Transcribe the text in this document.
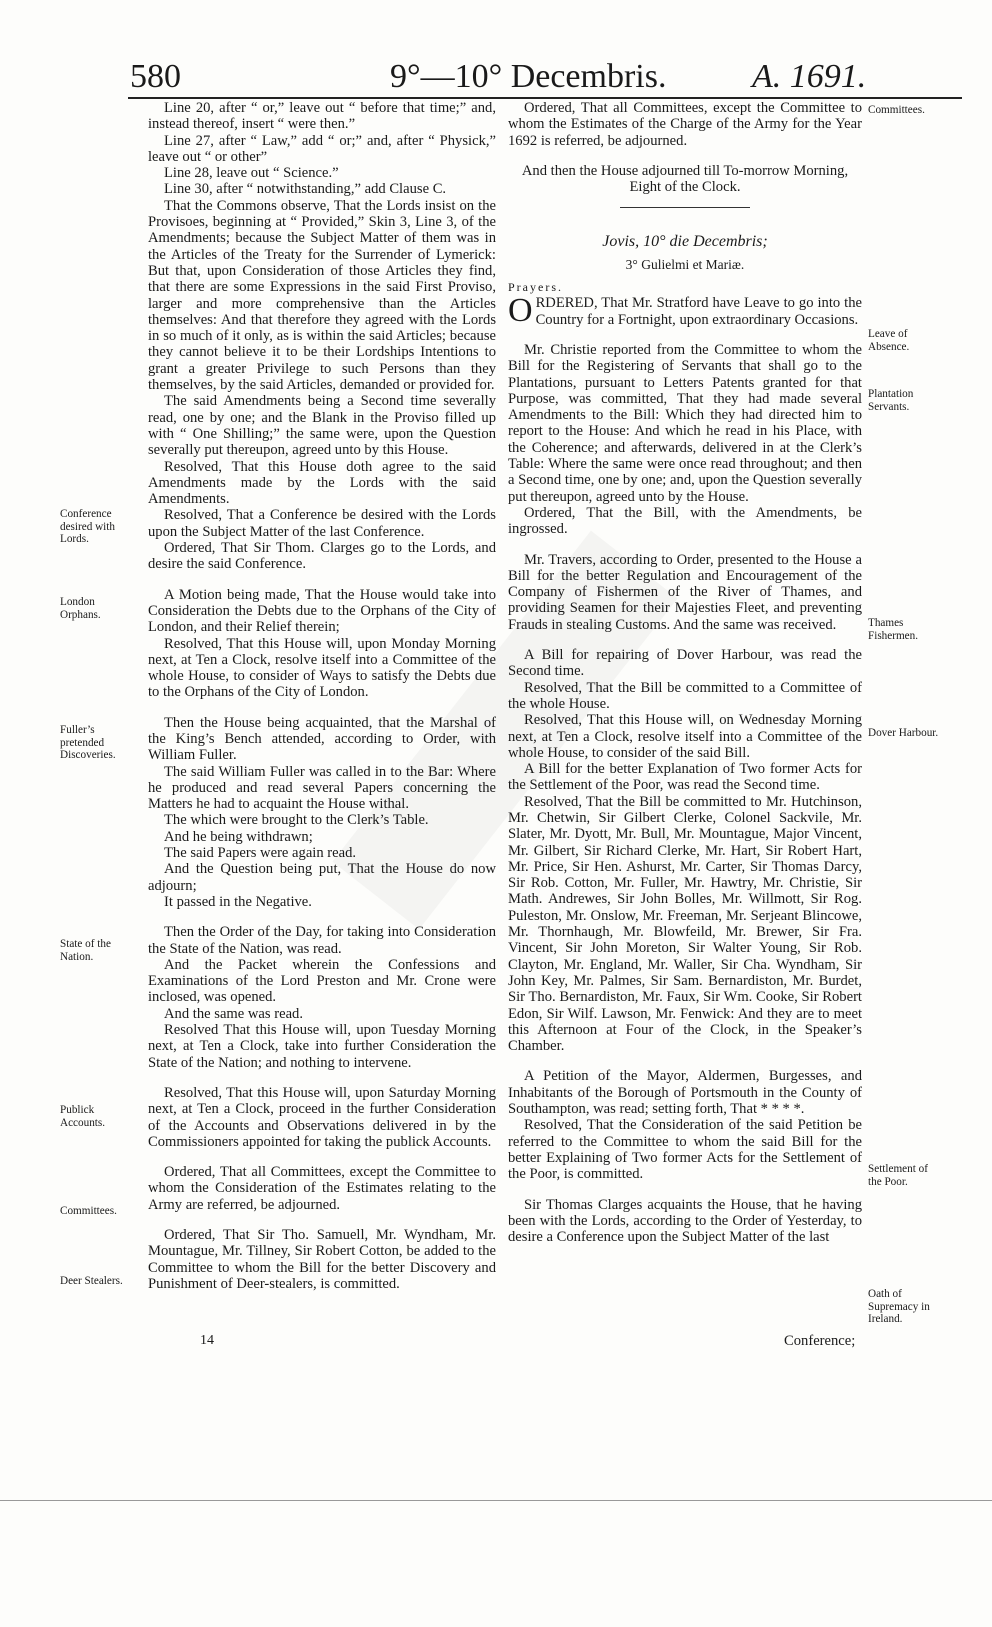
580	9°—10° Decembris.	A. 1691.

Line 20, after “ or,” leave out “ before that time;” and, instead thereof, insert “ were then.”

Line 27, after “ Law,” add “ or;” and, after “ Physick,” leave out “ or other”

Line 28, leave out “ Science.”

Line 30, after “ notwithstanding,” add Clause C.

That the Commons observe, That the Lords insist on the Provisoes, beginning at “ Provided,” Skin 3, Line 3, of the Amendments; because the Subject Matter of them was in the Articles of the Treaty for the Surrender of Lymerick: But that, upon Consideration of those Articles they find, that there are some Expressions in the said First Proviso, larger and more comprehensive than the Articles themselves: And that therefore they agreed with the Lords in so much of it only, as is within the said Articles; because they cannot believe it to be their Lordships Intentions to grant a greater Privilege to such Persons than they themselves, by the said Articles, demanded or provided for.

The said Amendments being a Second time severally read, one by one; and the Blank in the Proviso filled up with “ One Shilling;” the same were, upon the Question severally put thereupon, agreed unto by this House.

Resolved, That this House doth agree to the said Amendments made by the Lords with the said Amendments.

Resolved, That a Conference be desired with the Lords upon the Subject Matter of the last Conference.

Ordered, That Sir Thom. Clarges go to the Lords, and desire the said Conference.

A Motion being made, That the House would take into Consideration the Debts due to the Orphans of the City of London, and their Relief therein;

Resolved, That this House will, upon Monday Morning next, at Ten a Clock, resolve itself into a Committee of the whole House, to consider of Ways to satisfy the Debts due to the Orphans of the City of London.

Then the House being acquainted, that the Marshal of the King’s Bench attended, according to Order, with William Fuller.

The said William Fuller was called in to the Bar: Where he produced and read several Papers concerning the Matters he had to acquaint the House withal.

The which were brought to the Clerk’s Table.

And he being withdrawn;

The said Papers were again read.

And the Question being put, That the House do now adjourn;

It passed in the Negative.

Then the Order of the Day, for taking into Consideration the State of the Nation, was read.

And the Packet wherein the Confessions and Examinations of the Lord Preston and Mr. Crone were inclosed, was opened.

And the same was read.

Resolved That this House will, upon Tuesday Morning next, at Ten a Clock, take into further Consideration the State of the Nation; and nothing to intervene.

Resolved, That this House will, upon Saturday Morning next, at Ten a Clock, proceed in the further Consideration of the Accounts and Observations delivered in by the Commissioners appointed for taking the publick Accounts.

Ordered, That all Committees, except the Committee to whom the Consideration of the Estimates relating to the Army are referred, be adjourned.

Ordered, That Sir Tho. Samuell, Mr. Wyndham, Mr. Mountague, Mr. Tillney, Sir Robert Cotton, be added to the Committee to whom the Bill for the better Discovery and Punishment of Deer-stealers, is committed.

Ordered, That all Committees, except the Committee to whom the Estimates of the Charge of the Army for the Year 1692 is referred, be adjourned.

And then the House adjourned till To-morrow Morning, Eight of the Clock.

Jovis, 10° die Decembris;

3° Gulielmi et Mariæ.

Prayers.

ORDERED, That Mr. Stratford have Leave to go into the Country for a Fortnight, upon extraordinary Occasions.

Mr. Christie reported from the Committee to whom the Bill for the Registering of Servants that shall go to the Plantations, pursuant to Letters Patents granted for that Purpose, was committed, That they had made several Amendments to the Bill: Which they had directed him to report to the House: And which he read in his Place, with the Coherence; and afterwards, delivered in at the Clerk’s Table: Where the same were once read throughout; and then a Second time, one by one; and, upon the Question severally put thereupon, agreed unto by the House.

Ordered, That the Bill, with the Amendments, be ingrossed.

Mr. Travers, according to Order, presented to the House a Bill for the better Regulation and Encouragement of the Company of Fishermen of the River of Thames, and providing Seamen for their Majesties Fleet, and preventing Frauds in stealing Customs. And the same was received.

A Bill for repairing of Dover Harbour, was read the Second time.

Resolved, That the Bill be committed to a Committee of the whole House.

Resolved, That this House will, on Wednesday Morning next, at Ten a Clock, resolve itself into a Committee of the whole House, to consider of the said Bill.

A Bill for the better Explanation of Two former Acts for the Settlement of the Poor, was read the Second time.

Resolved, That the Bill be committed to Mr. Hutchinson, Mr. Chetwin, Sir Gilbert Clerke, Colonel Sackvile, Mr. Slater, Mr. Dyott, Mr. Bull, Mr. Mountague, Major Vincent, Mr. Gilbert, Sir Richard Clerke, Mr. Hart, Sir Robert Hart, Mr. Price, Sir Hen. Ashurst, Mr. Carter, Sir Thomas Darcy, Sir Rob. Cotton, Mr. Fuller, Mr. Hawtry, Mr. Christie, Sir Math. Andrewes, Sir John Bolles, Mr. Willmott, Sir Rog. Puleston, Mr. Onslow, Mr. Freeman, Mr. Serjeant Blincowe, Mr. Thornhaugh, Mr. Blowfeild, Mr. Brewer, Sir Fra. Vincent, Sir John Moreton, Sir Walter Young, Sir Rob. Clayton, Mr. England, Mr. Waller, Sir Cha. Wyndham, Sir John Key, Mr. Palmes, Sir Sam. Bernardiston, Mr. Burdet, Sir Tho. Bernardiston, Mr. Faux, Sir Wm. Cooke, Sir Robert Edon, Sir Wilf. Lawson, Mr. Fenwick: And they are to meet this Afternoon at Four of the Clock, in the Speaker’s Chamber.

A Petition of the Mayor, Aldermen, Burgesses, and Inhabitants of the Borough of Portsmouth in the County of Southampton, was read; setting forth, That * * * *.

Resolved, That the Consideration of the said Petition be referred to the Committee to whom the said Bill for the better Explaining of Two former Acts for the Settlement of the Poor, is committed.

Sir Thomas Clarges acquaints the House, that he having been with the Lords, according to the Order of Yesterday, to desire a Conference upon the Subject Matter of the last

Conference desired with Lords.
London Orphans.
Fuller’s pretended Discoveries.
State of the Nation.
Publick Accounts.
Committees.
Deer Stealers.
Committees.
Leave of Absence.
Plantation Servants.
Thames Fishermen.
Dover Harbour.
Settlement of the Poor.
Oath of Supremacy in Ireland.
14	Conference;
